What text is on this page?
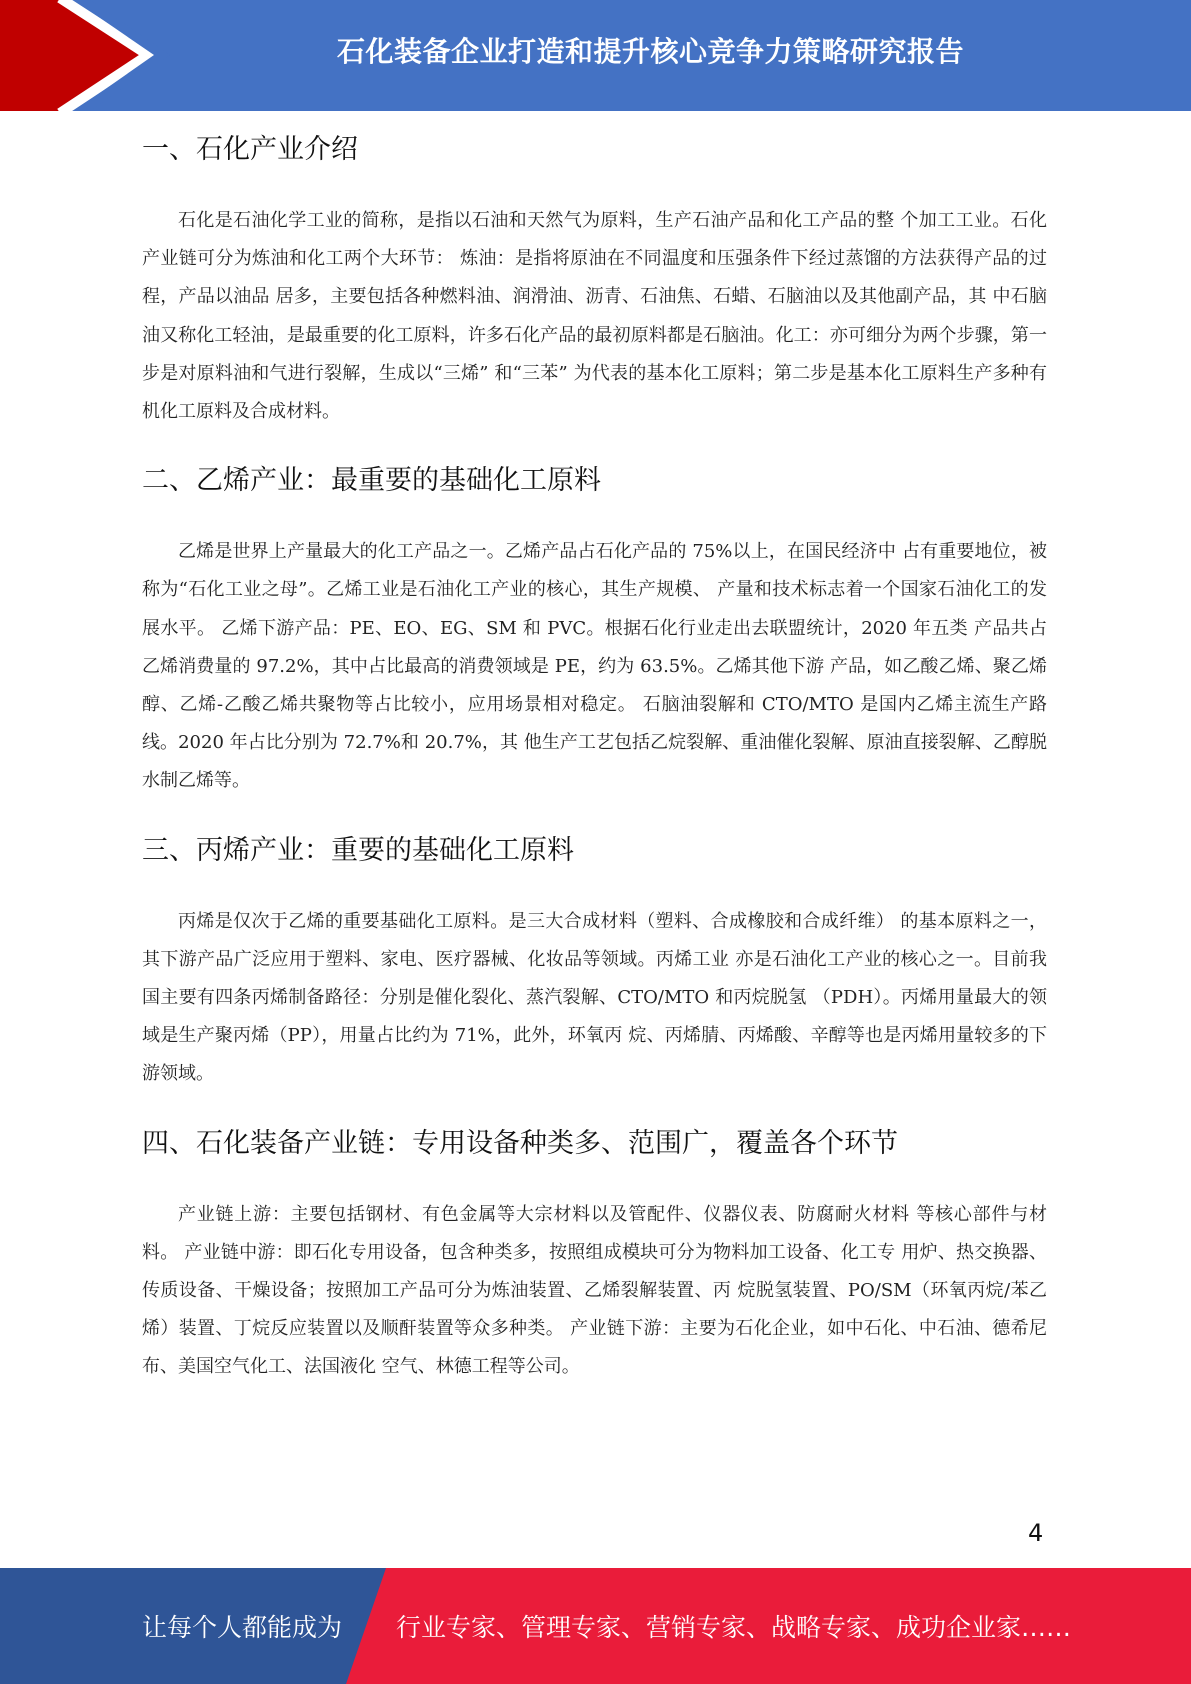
石化装备企业打造和提升核心竞争力策略研究报告
一、石化产业介绍

石化是石油化学工业的简称，是指以石油和天然气为原料，生产石油产品和化工产品的整 个加工工业。石化产业链可分为炼油和化工两个大环节： 炼油：是指将原油在不同温度和压强条件下经过蒸馏的方法获得产品的过程，产品以油品 居多，主要包括各种燃料油、润滑油、沥青、石油焦、石蜡、石脑油以及其他副产品，其 中石脑油又称化工轻油，是最重要的化工原料，许多石化产品的最初原料都是石脑油。化工：亦可细分为两个步骤，第一步是对原料油和气进行裂解，生成以“三烯” 和“三苯” 为代表的基本化工原料；第二步是基本化工原料生产多种有机化工原料及合成材料。

二、乙烯产业：最重要的基础化工原料

乙烯是世界上产量最大的化工产品之一。乙烯产品占石化产品的 75%以上，在国民经济中 占有重要地位，被称为“石化工业之母”。乙烯工业是石油化工产业的核心，其生产规模、 产量和技术标志着一个国家石油化工的发展水平。 乙烯下游产品：PE、EO、EG、SM 和 PVC。根据石化行业走出去联盟统计，2020 年五类 产品共占乙烯消费量的 97.2%，其中占比最高的消费领域是 PE，约为 63.5%。乙烯其他下游 产品，如乙酸乙烯、聚乙烯醇、乙烯-乙酸乙烯共聚物等占比较小，应用场景相对稳定。 石脑油裂解和 CTO/MTO 是国内乙烯主流生产路线。2020 年占比分别为 72.7%和 20.7%，其 他生产工艺包括乙烷裂解、重油催化裂解、原油直接裂解、乙醇脱水制乙烯等。

三、丙烯产业：重要的基础化工原料

丙烯是仅次于乙烯的重要基础化工原料。是三大合成材料（塑料、合成橡胶和合成纤维） 的基本原料之一，其下游产品广泛应用于塑料、家电、医疗器械、化妆品等领域。丙烯工业 亦是石油化工产业的核心之一。目前我国主要有四条丙烯制备路径：分别是催化裂化、蒸汽裂解、CTO/MTO 和丙烷脱氢 （PDH）。丙烯用量最大的领域是生产聚丙烯（PP），用量占比约为 71%，此外，环氧丙 烷、丙烯腈、丙烯酸、辛醇等也是丙烯用量较多的下游领域。

四、石化装备产业链：专用设备种类多、范围广，覆盖各个环节

产业链上游：主要包括钢材、有色金属等大宗材料以及管配件、仪器仪表、防腐耐火材料 等核心部件与材料。 产业链中游：即石化专用设备，包含种类多，按照组成模块可分为物料加工设备、化工专 用炉、热交换器、传质设备、干燥设备；按照加工产品可分为炼油装置、乙烯裂解装置、丙 烷脱氢装置、PO/SM（环氧丙烷/苯乙烯）装置、丁烷反应装置以及顺酐装置等众多种类。 产业链下游：主要为石化企业，如中石化、中石油、德希尼布、美国空气化工、法国液化 空气、林德工程等公司。

4
让每个人都能成为 行业专家、管理专家、营销专家、战略专家、成功企业家……
